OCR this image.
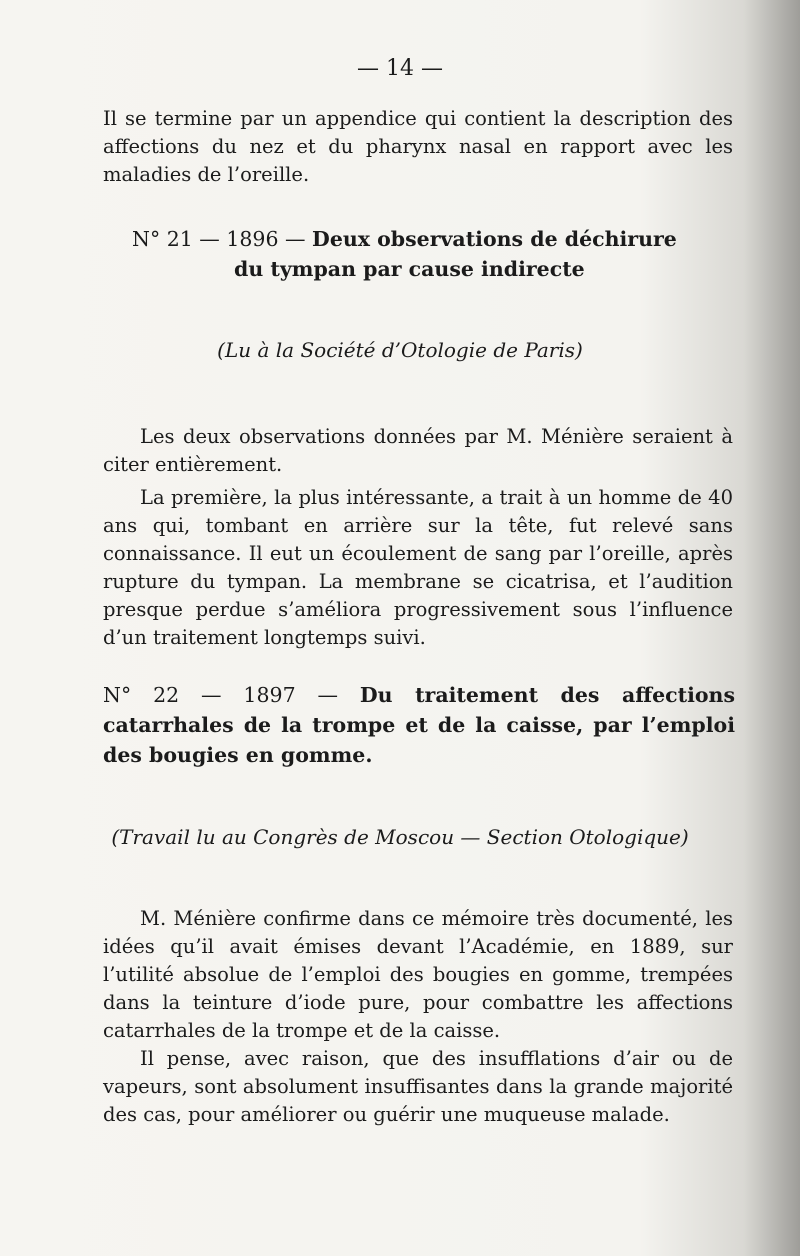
— 14 —

Il se termine par un appendice qui contient la description des affections du nez et du pharynx nasal en rapport avec les maladies de l’oreille.

N° 21 — 1896 — Deux observations de déchirure

du tympan par cause indirecte

(Lu à la Société d’Otologie de Paris)

Les deux observations données par M. Ménière seraient à citer entièrement.

La première, la plus intéressante, a trait à un homme de 40 ans qui, tombant en arrière sur la tête, fut relevé sans connaissance. Il eut un écoulement de sang par l’oreille, après rupture du tympan. La membrane se cicatrisa, et l’audition presque perdue s’améliora progressivement sous l’influence d’un traitement longtemps suivi.

N° 22 — 1897 — Du traitement des affections catarrhales de la trompe et de la caisse, par l’emploi des bougies en gomme.

(Travail lu au Congrès de Moscou — Section Otologique)

M. Ménière confirme dans ce mémoire très documenté, les idées qu’il avait émises devant l’Académie, en 1889, sur l’utilité absolue de l’emploi des bougies en gomme, trempées dans la teinture d’iode pure, pour combattre les affections catarrhales de la trompe et de la caisse.

Il pense, avec raison, que des insufflations d’air ou de vapeurs, sont absolument insuffisantes dans la grande majorité des cas, pour améliorer ou guérir une muqueuse malade.
